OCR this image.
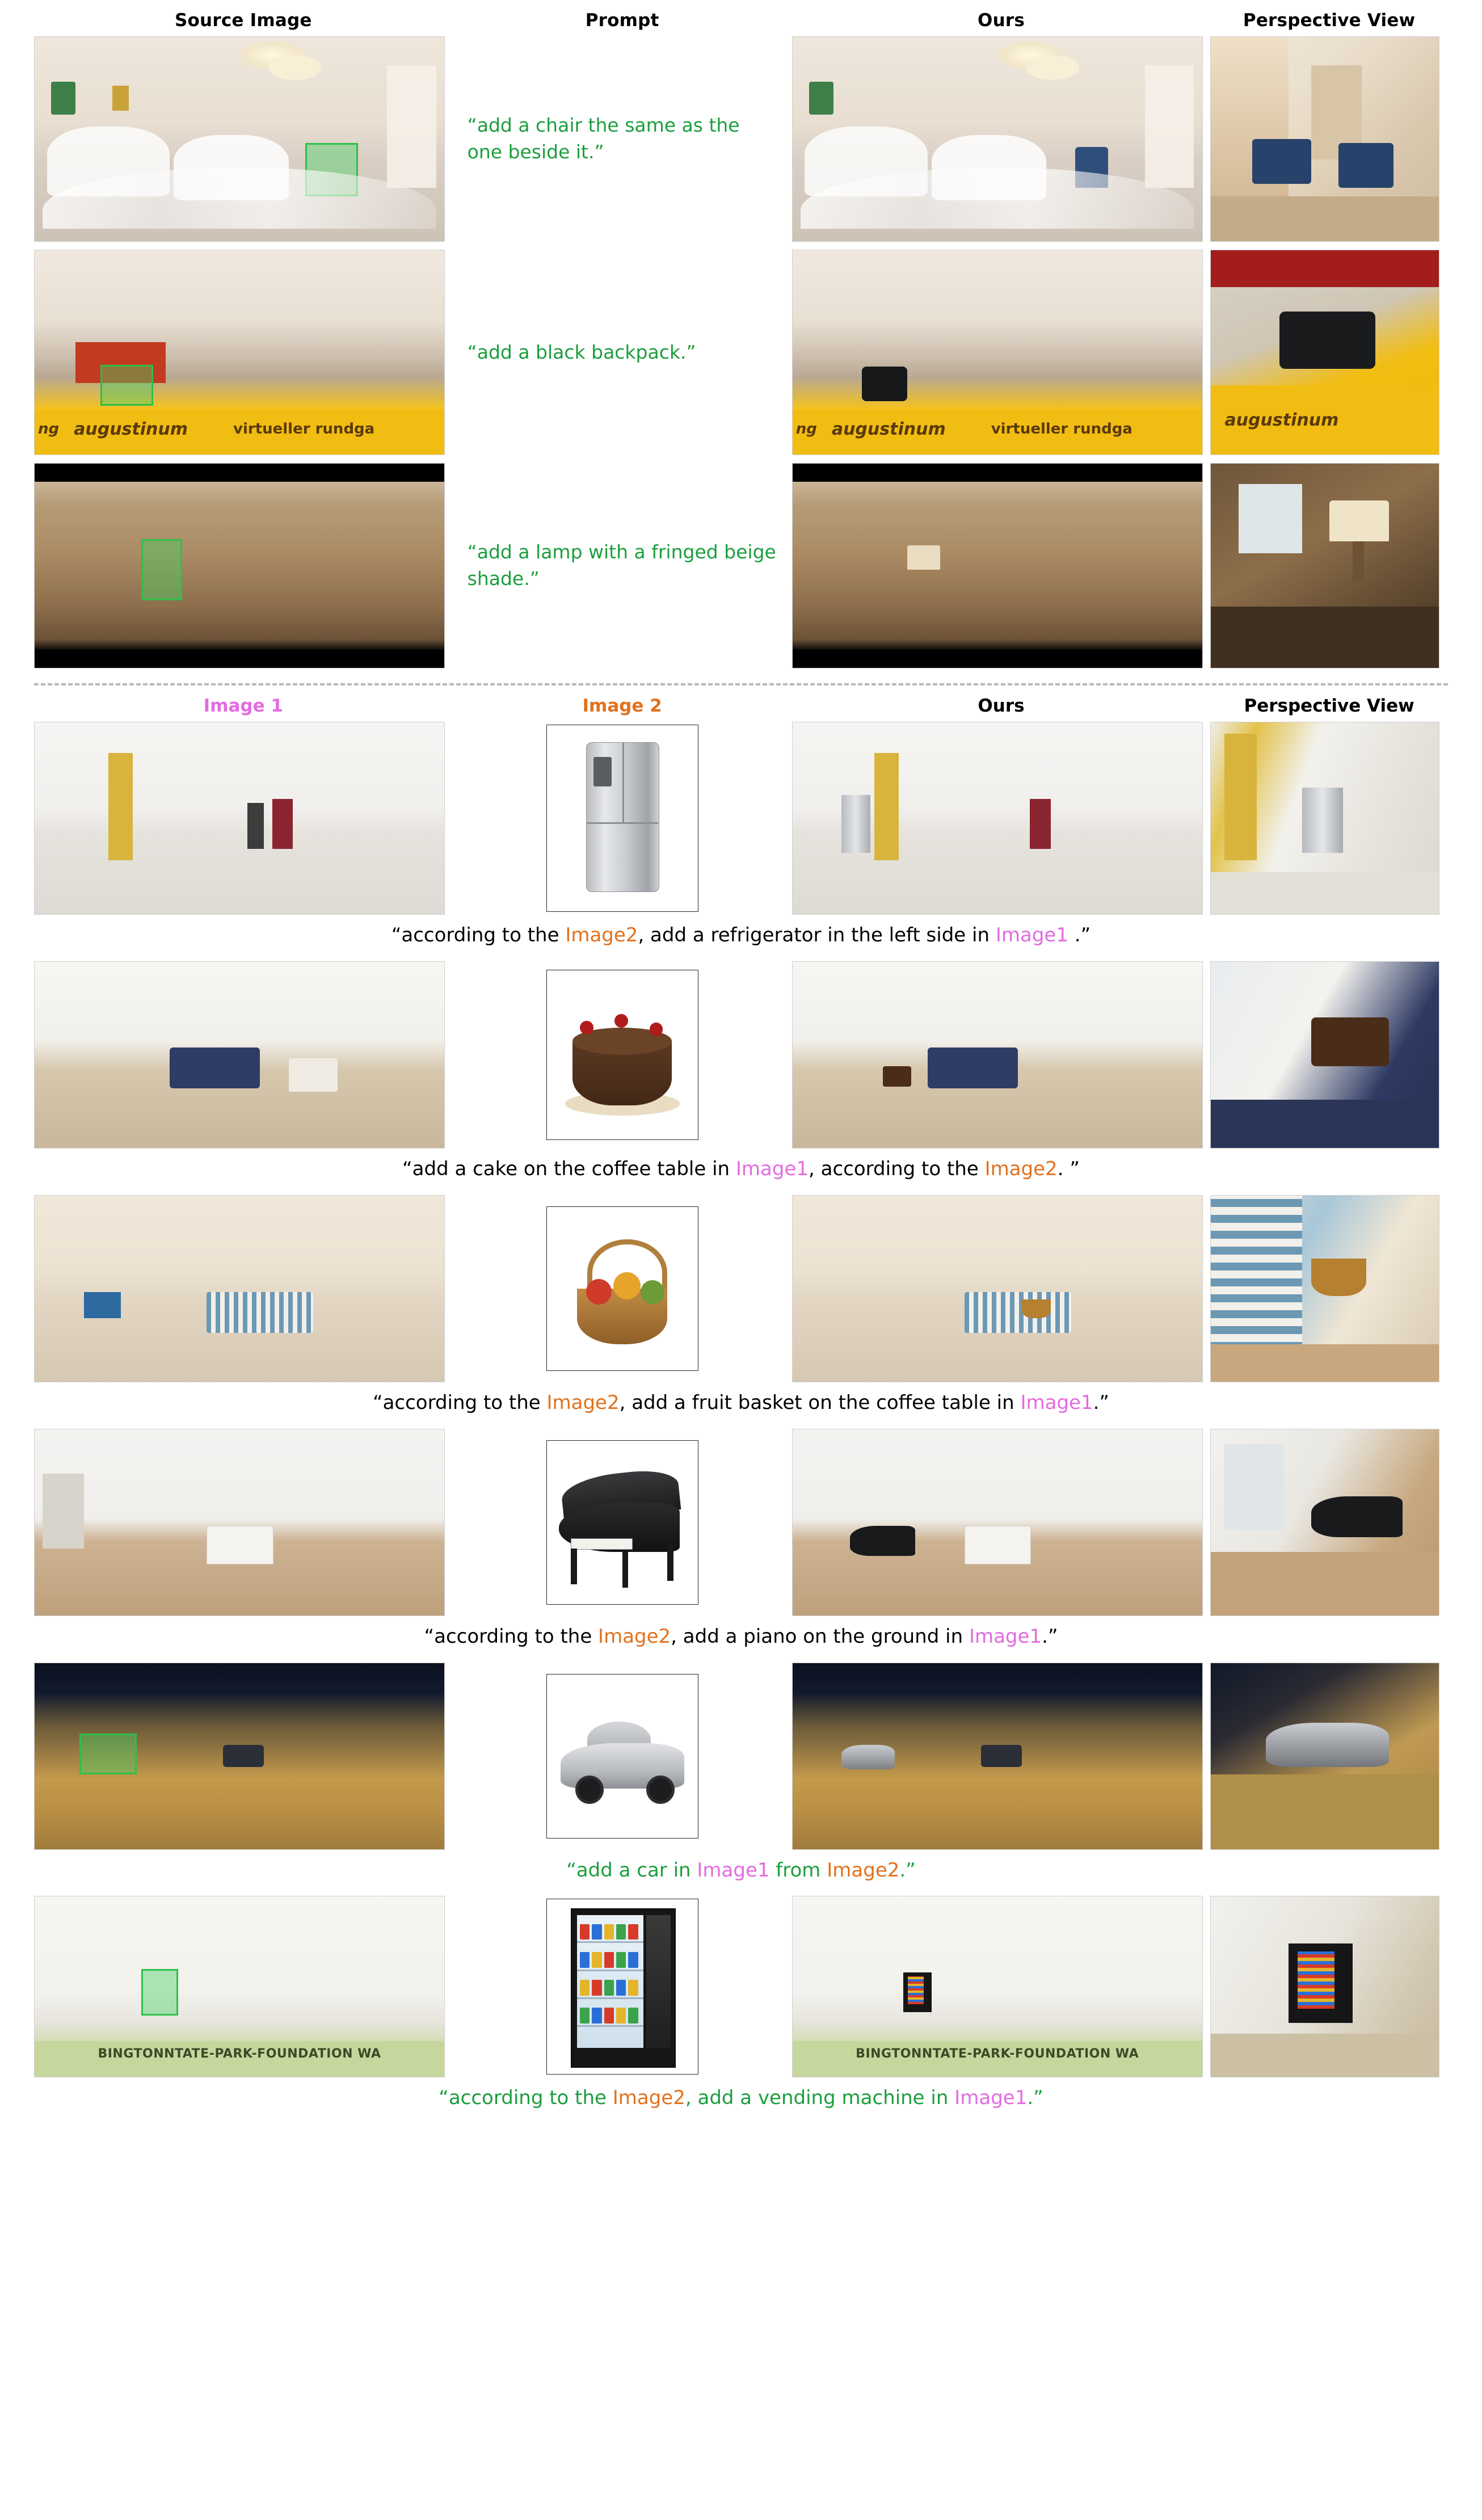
Source Image	Prompt	Ours	Perspective View
“add a chair the same as the one beside it.”
ng augustinum	virtueller rundga
“add a black backpack.”
ng augustinum	virtueller rundga	augustinum
“add a lamp with a fringed beige shade.”
Image 1	Image 2	Ours	Perspective View
“according to the Image2, add a refrigerator in the left side in Image1 .”
“add a cake on the coffee table in Image1, according to the Image2. ”
“according to the Image2, add a fruit basket on the coffee table in Image1.”
“according to the Image2, add a piano on the ground in Image1.”
“add a car in Image1 from Image2.”
BINGTONNTATE-PARK-FOUNDATION WA	BINGTONNTATE-PARK-FOUNDATION WA
“according to the Image2, add a vending machine in Image1.”
